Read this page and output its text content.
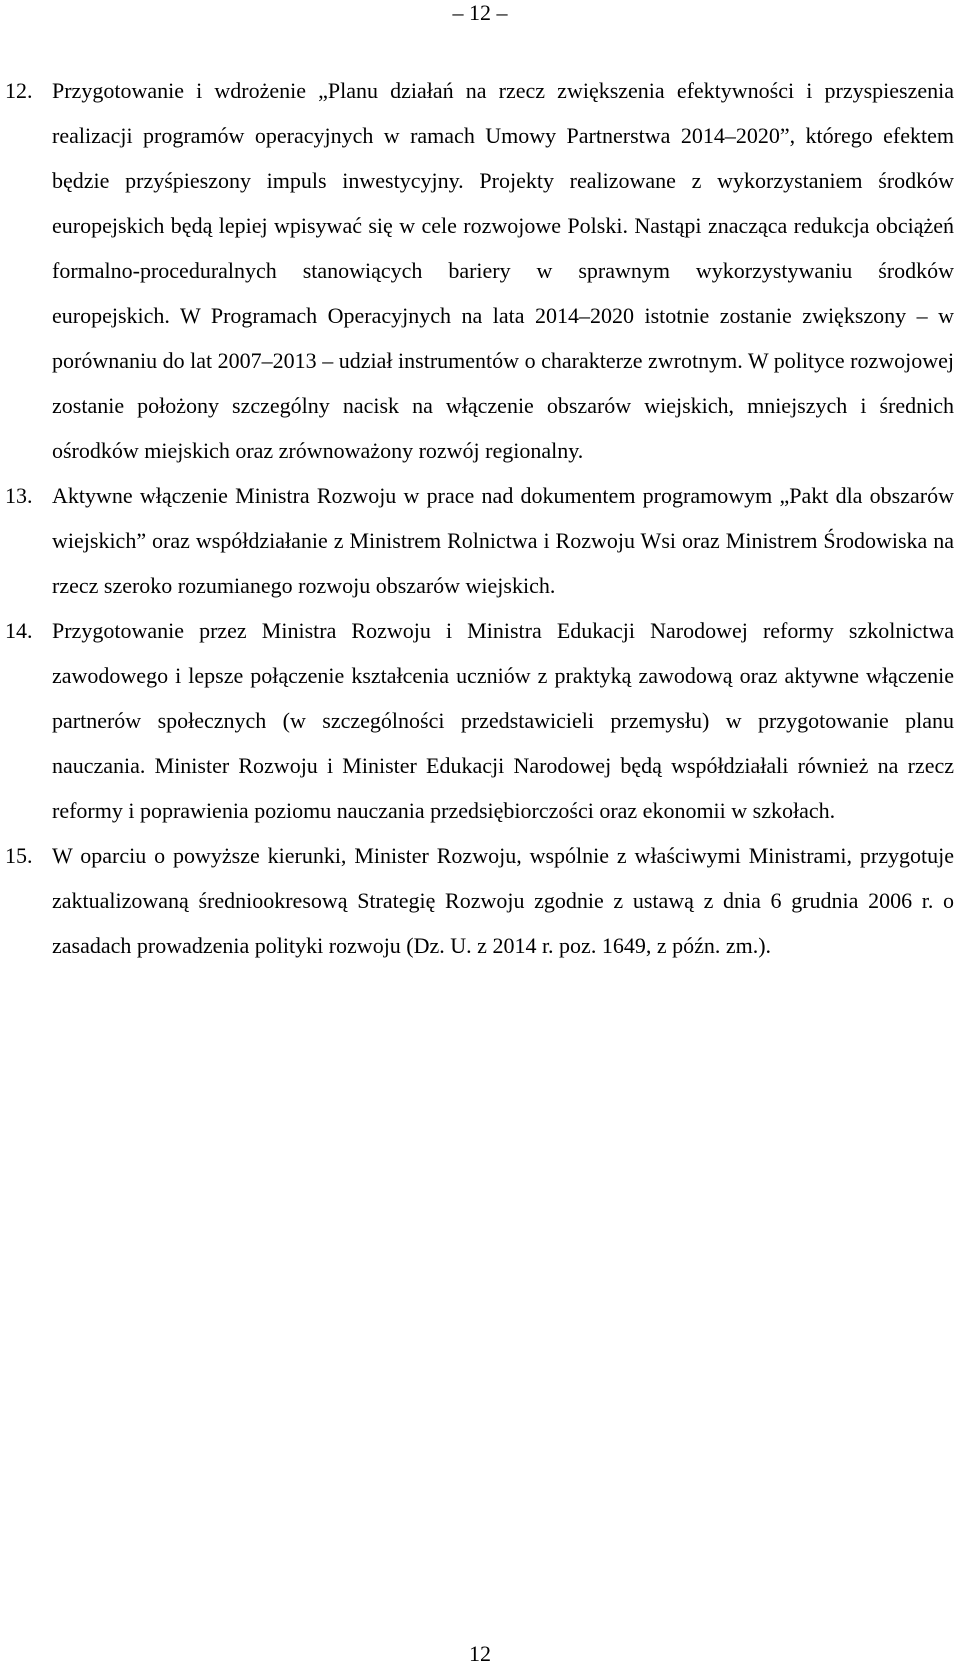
– 12 –
12. Przygotowanie i wdrożenie „Planu działań na rzecz zwiększenia efektywności i przyspieszenia realizacji programów operacyjnych w ramach Umowy Partnerstwa 2014–2020”, którego efektem będzie przyśpieszony impuls inwestycyjny. Projekty realizowane z wykorzystaniem środków europejskich będą lepiej wpisywać się w cele rozwojowe Polski. Nastąpi znacząca redukcja obciążeń formalno-proceduralnych stanowiących bariery w sprawnym wykorzystywaniu środków europejskich. W Programach Operacyjnych na lata 2014–2020 istotnie zostanie zwiększony – w porównaniu do lat 2007–2013 – udział instrumentów o charakterze zwrotnym. W polityce rozwojowej zostanie położony szczególny nacisk na włączenie obszarów wiejskich, mniejszych i średnich ośrodków miejskich oraz zrównoważony rozwój regionalny.
13. Aktywne włączenie Ministra Rozwoju w prace nad dokumentem programowym „Pakt dla obszarów wiejskich” oraz współdziałanie z Ministrem Rolnictwa i Rozwoju Wsi oraz Ministrem Środowiska na rzecz szeroko rozumianego rozwoju obszarów wiejskich.
14. Przygotowanie przez Ministra Rozwoju i Ministra Edukacji Narodowej reformy szkolnictwa zawodowego i lepsze połączenie kształcenia uczniów z praktyką zawodową oraz aktywne włączenie partnerów społecznych (w szczególności przedstawicieli przemysłu) w przygotowanie planu nauczania. Minister Rozwoju i Minister Edukacji Narodowej będą współdziałali również na rzecz reformy i poprawienia poziomu nauczania przedsiębiorczości oraz ekonomii w szkołach.
15. W oparciu o powyższe kierunki, Minister Rozwoju, wspólnie z właściwymi Ministrami, przygotuje zaktualizowaną średniookresową Strategię Rozwoju zgodnie z ustawą z dnia 6 grudnia 2006 r. o zasadach prowadzenia polityki rozwoju (Dz. U. z 2014 r. poz. 1649, z późn. zm.).
12
